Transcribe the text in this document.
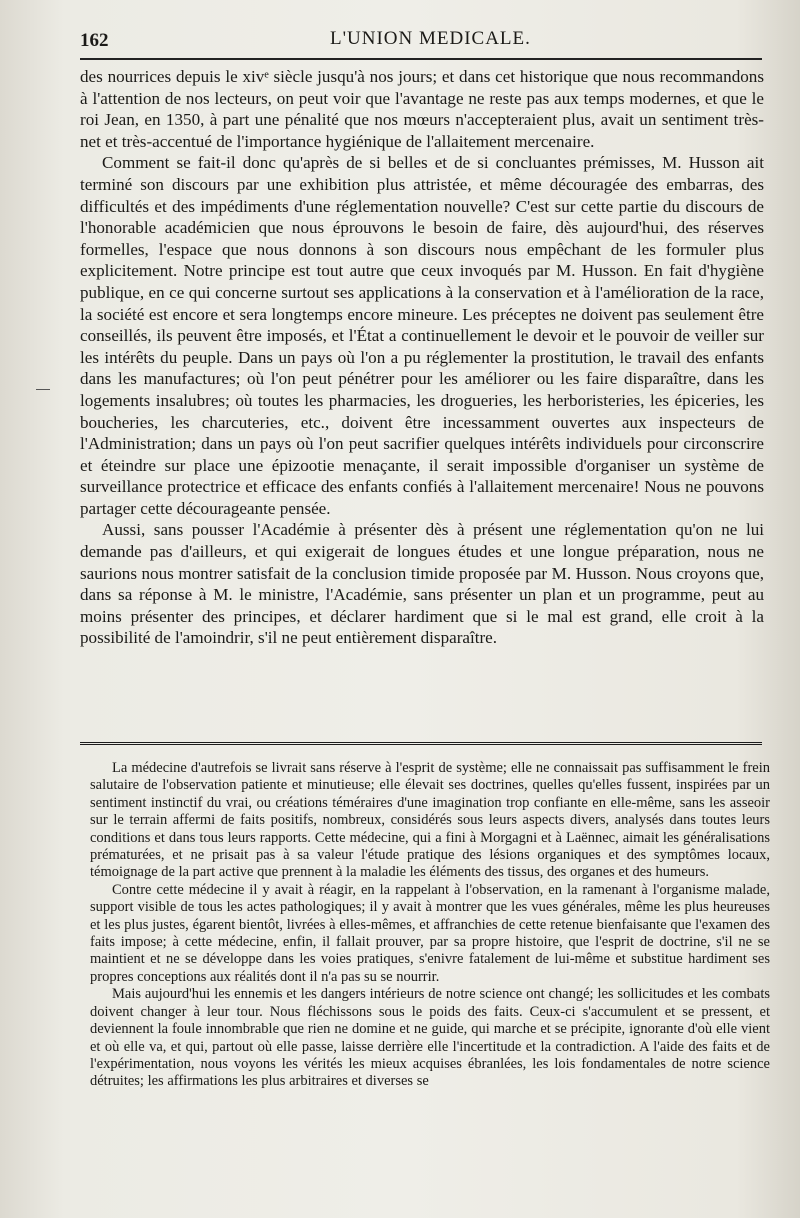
162	L'UNION MEDICALE.

des nourrices depuis le xivᵉ siècle jusqu'à nos jours; et dans cet historique que nous recommandons à l'attention de nos lecteurs, on peut voir que l'avantage ne reste pas aux temps modernes, et que le roi Jean, en 1350, à part une pénalité que nos mœurs n'accepteraient plus, avait un sentiment très-net et très-accentué de l'importance hygiénique de l'allaitement mercenaire.

Comment se fait-il donc qu'après de si belles et de si concluantes prémisses, M. Husson ait terminé son discours par une exhibition plus attristée, et même découragée des embarras, des difficultés et des impédiments d'une réglementation nouvelle? C'est sur cette partie du discours de l'honorable académicien que nous éprouvons le besoin de faire, dès aujourd'hui, des réserves formelles, l'espace que nous donnons à son discours nous empêchant de les formuler plus explicitement. Notre principe est tout autre que ceux invoqués par M. Husson. En fait d'hygiène publique, en ce qui concerne surtout ses applications à la conservation et à l'amélioration de la race, la société est encore et sera longtemps encore mineure. Les préceptes ne doivent pas seulement être conseillés, ils peuvent être imposés, et l'État a continuellement le devoir et le pouvoir de veiller sur les intérêts du peuple. Dans un pays où l'on a pu réglementer la prostitution, le travail des enfants dans les manufactures; où l'on peut pénétrer pour les améliorer ou les faire disparaître, dans les logements insalubres; où toutes les pharmacies, les drogueries, les herboristeries, les épiceries, les boucheries, les charcuteries, etc., doivent être incessamment ouvertes aux inspecteurs de l'Administration; dans un pays où l'on peut sacrifier quelques intérêts individuels pour circonscrire et éteindre sur place une épizootie menaçante, il serait impossible d'organiser un système de surveillance protectrice et efficace des enfants confiés à l'allaitement mercenaire! Nous ne pouvons partager cette décourageante pensée.

Aussi, sans pousser l'Académie à présenter dès à présent une réglementation qu'on ne lui demande pas d'ailleurs, et qui exigerait de longues études et une longue préparation, nous ne saurions nous montrer satisfait de la conclusion timide proposée par M. Husson. Nous croyons que, dans sa réponse à M. le ministre, l'Académie, sans présenter un plan et un programme, peut au moins présenter des principes, et déclarer hardiment que si le mal est grand, elle croit à la possibilité de l'amoindrir, s'il ne peut entièrement disparaître.

La médecine d'autrefois se livrait sans réserve à l'esprit de système; elle ne connaissait pas suffisamment le frein salutaire de l'observation patiente et minutieuse; elle élevait ses doctrines, quelles qu'elles fussent, inspirées par un sentiment instinctif du vrai, ou créations téméraires d'une imagination trop confiante en elle-même, sans les asseoir sur le terrain affermi de faits positifs, nombreux, considérés sous leurs aspects divers, analysés dans toutes leurs conditions et dans tous leurs rapports. Cette médecine, qui a fini à Morgagni et à Laënnec, aimait les généralisations prématurées, et ne prisait pas à sa valeur l'étude pratique des lésions organiques et des symptômes locaux, témoignage de la part active que prennent à la maladie les éléments des tissus, des organes et des humeurs.

Contre cette médecine il y avait à réagir, en la rappelant à l'observation, en la ramenant à l'organisme malade, support visible de tous les actes pathologiques; il y avait à montrer que les vues générales, même les plus heureuses et les plus justes, égarent bientôt, livrées à elles-mêmes, et affranchies de cette retenue bienfaisante que l'examen des faits impose; à cette médecine, enfin, il fallait prouver, par sa propre histoire, que l'esprit de doctrine, s'il ne se maintient et ne se développe dans les voies pratiques, s'enivre fatalement de lui-même et substitue hardiment ses propres conceptions aux réalités dont il n'a pas su se nourrir.

Mais aujourd'hui les ennemis et les dangers intérieurs de notre science ont changé; les sollicitudes et les combats doivent changer à leur tour. Nous fléchissons sous le poids des faits. Ceux-ci s'accumulent et se pressent, et deviennent la foule innombrable que rien ne domine et ne guide, qui marche et se précipite, ignorante d'où elle vient et où elle va, et qui, partout où elle passe, laisse derrière elle l'incertitude et la contradiction. A l'aide des faits et de l'expérimentation, nous voyons les vérités les mieux acquises ébranlées, les lois fondamentales de notre science détruites; les affirmations les plus arbitraires et diverses se
